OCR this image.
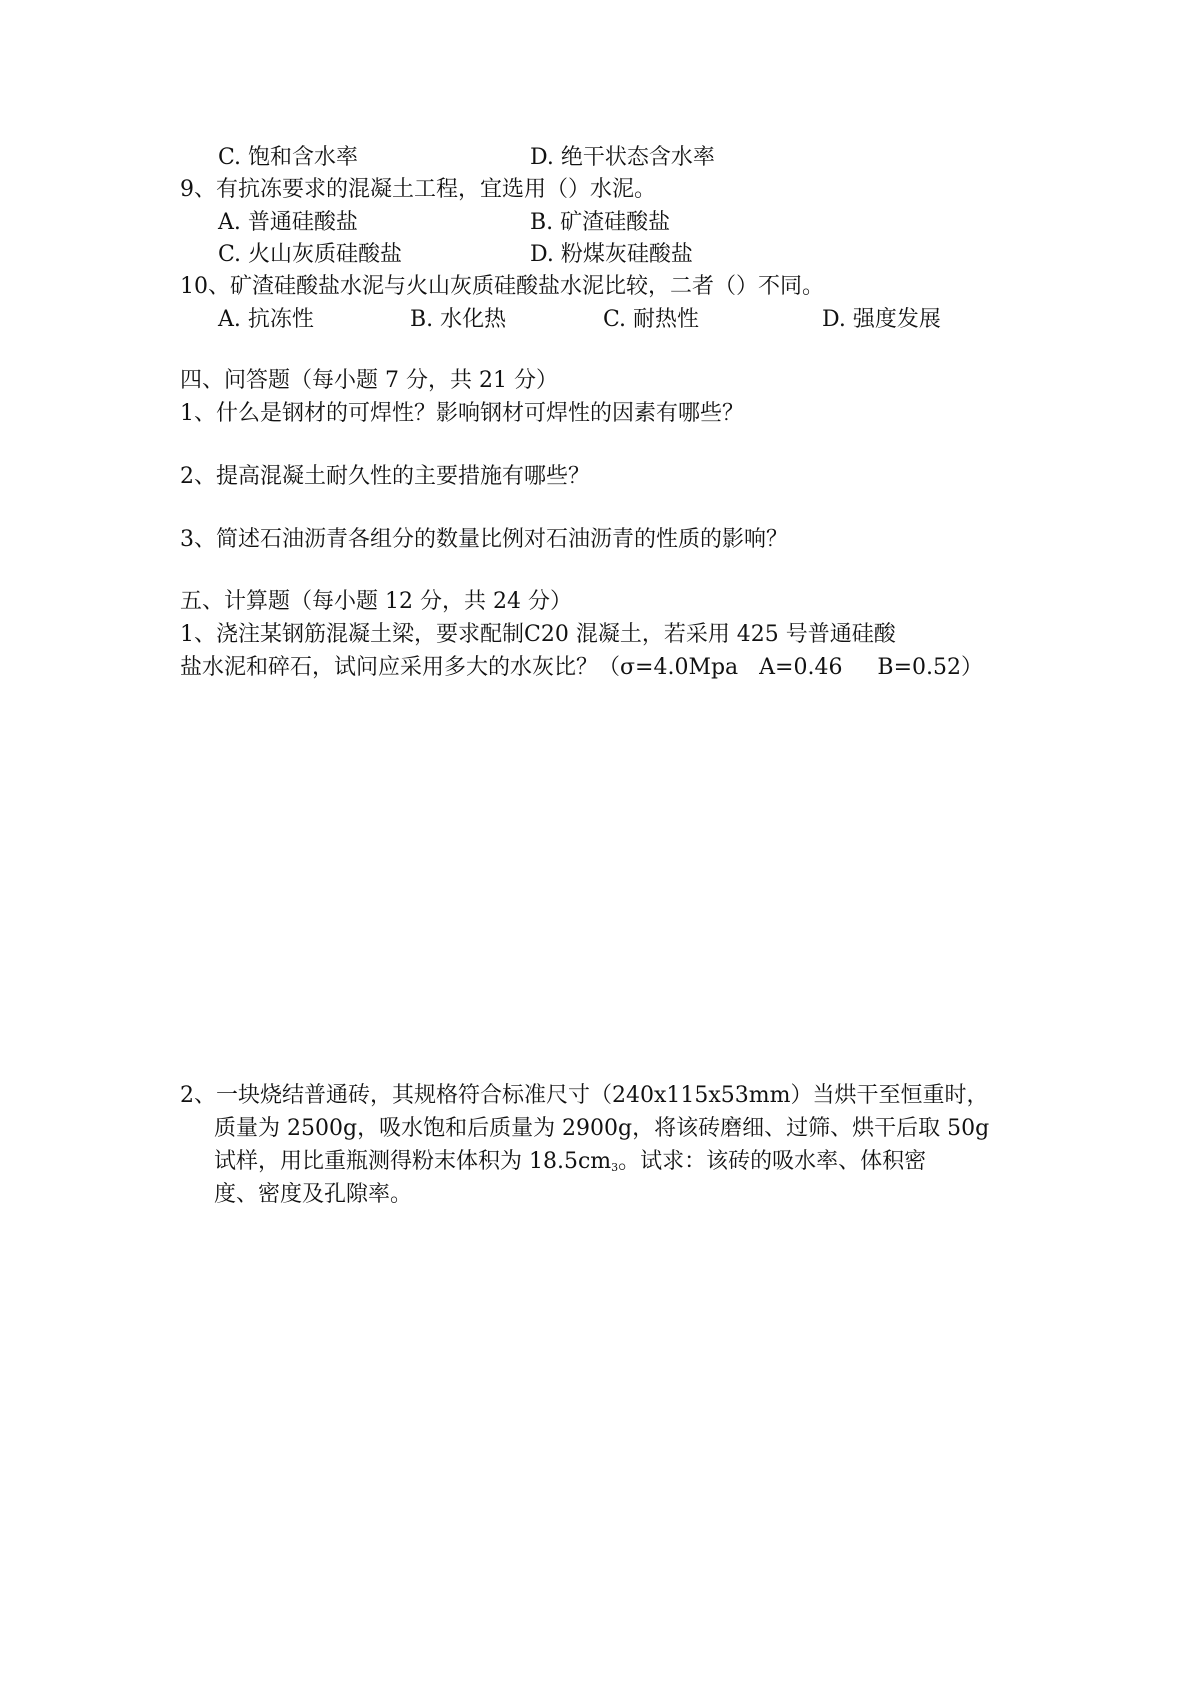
C. 饱和含水率	D. 绝干状态含水率
9、有抗冻要求的混凝土工程，宜选用（）水泥。
A. 普通硅酸盐	B. 矿渣硅酸盐
C. 火山灰质硅酸盐	D. 粉煤灰硅酸盐
10、矿渣硅酸盐水泥与火山灰质硅酸盐水泥比较，二者（）不同。
A. 抗冻性	B. 水化热	C. 耐热性	D. 强度发展
四、问答题（每小题 7 分，共 21 分）
1、什么是钢材的可焊性？影响钢材可焊性的因素有哪些？
2、提高混凝土耐久性的主要措施有哪些？
3、简述石油沥青各组分的数量比例对石油沥青的性质的影响？
五、计算题（每小题 12 分，共 24 分）
1、浇注某钢筋混凝土梁，要求配制C20 混凝土，若采用 425 号普通硅酸
盐水泥和碎石，试问应采用多大的水灰比？（σ=4.0Mpa   A=0.46     B=0.52）
2、一块烧结普通砖，其规格符合标准尺寸（240x115x53mm）当烘干至恒重时，
质量为 2500g，吸水饱和后质量为 2900g，将该砖磨细、过筛、烘干后取 50g
试样，用比重瓶测得粉末体积为 $18.5cm^3$。试求：该砖的吸水率、体积密
度、密度及孔隙率。
